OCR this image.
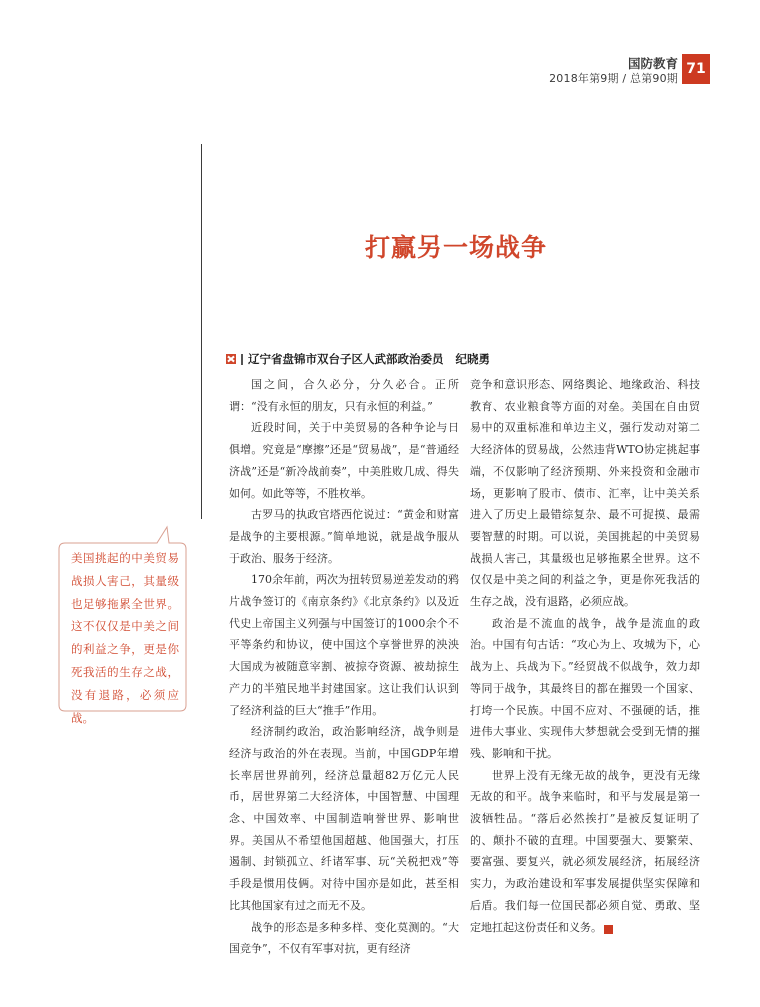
国防教育
2018年第9期 / 总第90期
71
打赢另一场战争
辽宁省盘锦市双台子区人武部政治委员 纪晓勇

国之间，合久必分，分久必合。正所谓：“没有永恒的朋友，只有永恒的利益。”

近段时间，关于中美贸易的各种争论与日俱增。究竟是“摩擦”还是“贸易战”，是“普通经济战”还是“新冷战前奏”，中美胜败几成、得失如何。如此等等，不胜枚举。

古罗马的执政官塔西佗说过：“黄金和财富是战争的主要根源。”简单地说，就是战争服从于政治、服务于经济。

170余年前，两次为扭转贸易逆差发动的鸦片战争签订的《南京条约》《北京条约》以及近代史上帝国主义列强与中国签订的1000余个不平等条约和协议，使中国这个享誉世界的泱泱大国成为被随意宰割、被掠夺资源、被劫掠生产力的半殖民地半封建国家。这让我们认识到了经济利益的巨大“推手”作用。

经济制约政治，政治影响经济，战争则是经济与政治的外在表现。当前，中国GDP年增长率居世界前列，经济总量超82万亿元人民币，居世界第二大经济体，中国智慧、中国理念、中国效率、中国制造响誉世界、影响世界。美国从不希望他国超越、他国强大，打压遏制、封锁孤立、纤诸军事、玩“关税把戏”等手段是惯用伎俩。对待中国亦是如此，甚至相比其他国家有过之而无不及。

战争的形态是多种多样、变化莫测的。“大国竞争”，不仅有军事对抗，更有经济

竞争和意识形态、网络舆论、地缘政治、科技教育、农业粮食等方面的对垒。美国在自由贸易中的双重标准和单边主义，强行发动对第二大经济体的贸易战，公然违背WTO协定挑起事端，不仅影响了经济预期、外来投资和金融市场，更影响了股市、债市、汇率，让中美关系进入了历史上最错综复杂、最不可捉摸、最需要智慧的时期。可以说，美国挑起的中美贸易战损人害己，其量级也足够拖累全世界。这不仅仅是中美之间的利益之争，更是你死我活的生存之战，没有退路，必须应战。

政治是不流血的战争，战争是流血的政治。中国有句古话：“攻心为上、攻城为下，心战为上、兵战为下。”经贸战不似战争，效力却等同于战争，其最终目的都在摧毁一个国家、打垮一个民族。中国不应对、不强硬的话，推进伟大事业、实现伟大梦想就会受到无情的摧残、影响和干扰。

世界上没有无缘无故的战争，更没有无缘无故的和平。战争来临时，和平与发展是第一波牺牲品。“落后必然挨打”是被反复证明了的、颠扑不破的直理。中国要强大、要繁荣、要富强、要复兴，就必须发展经济，拓展经济实力，为政治建设和军事发展提供坚实保障和后盾。我们每一位国民都必须自觉、勇敢、坚定地扛起这份责任和义务。	G

美国挑起的中美贸易战损人害己，其量级也足够拖累全世界。这不仅仅是中美之间的利益之争，更是你死我活的生存之战，没有退路，必须应战。
